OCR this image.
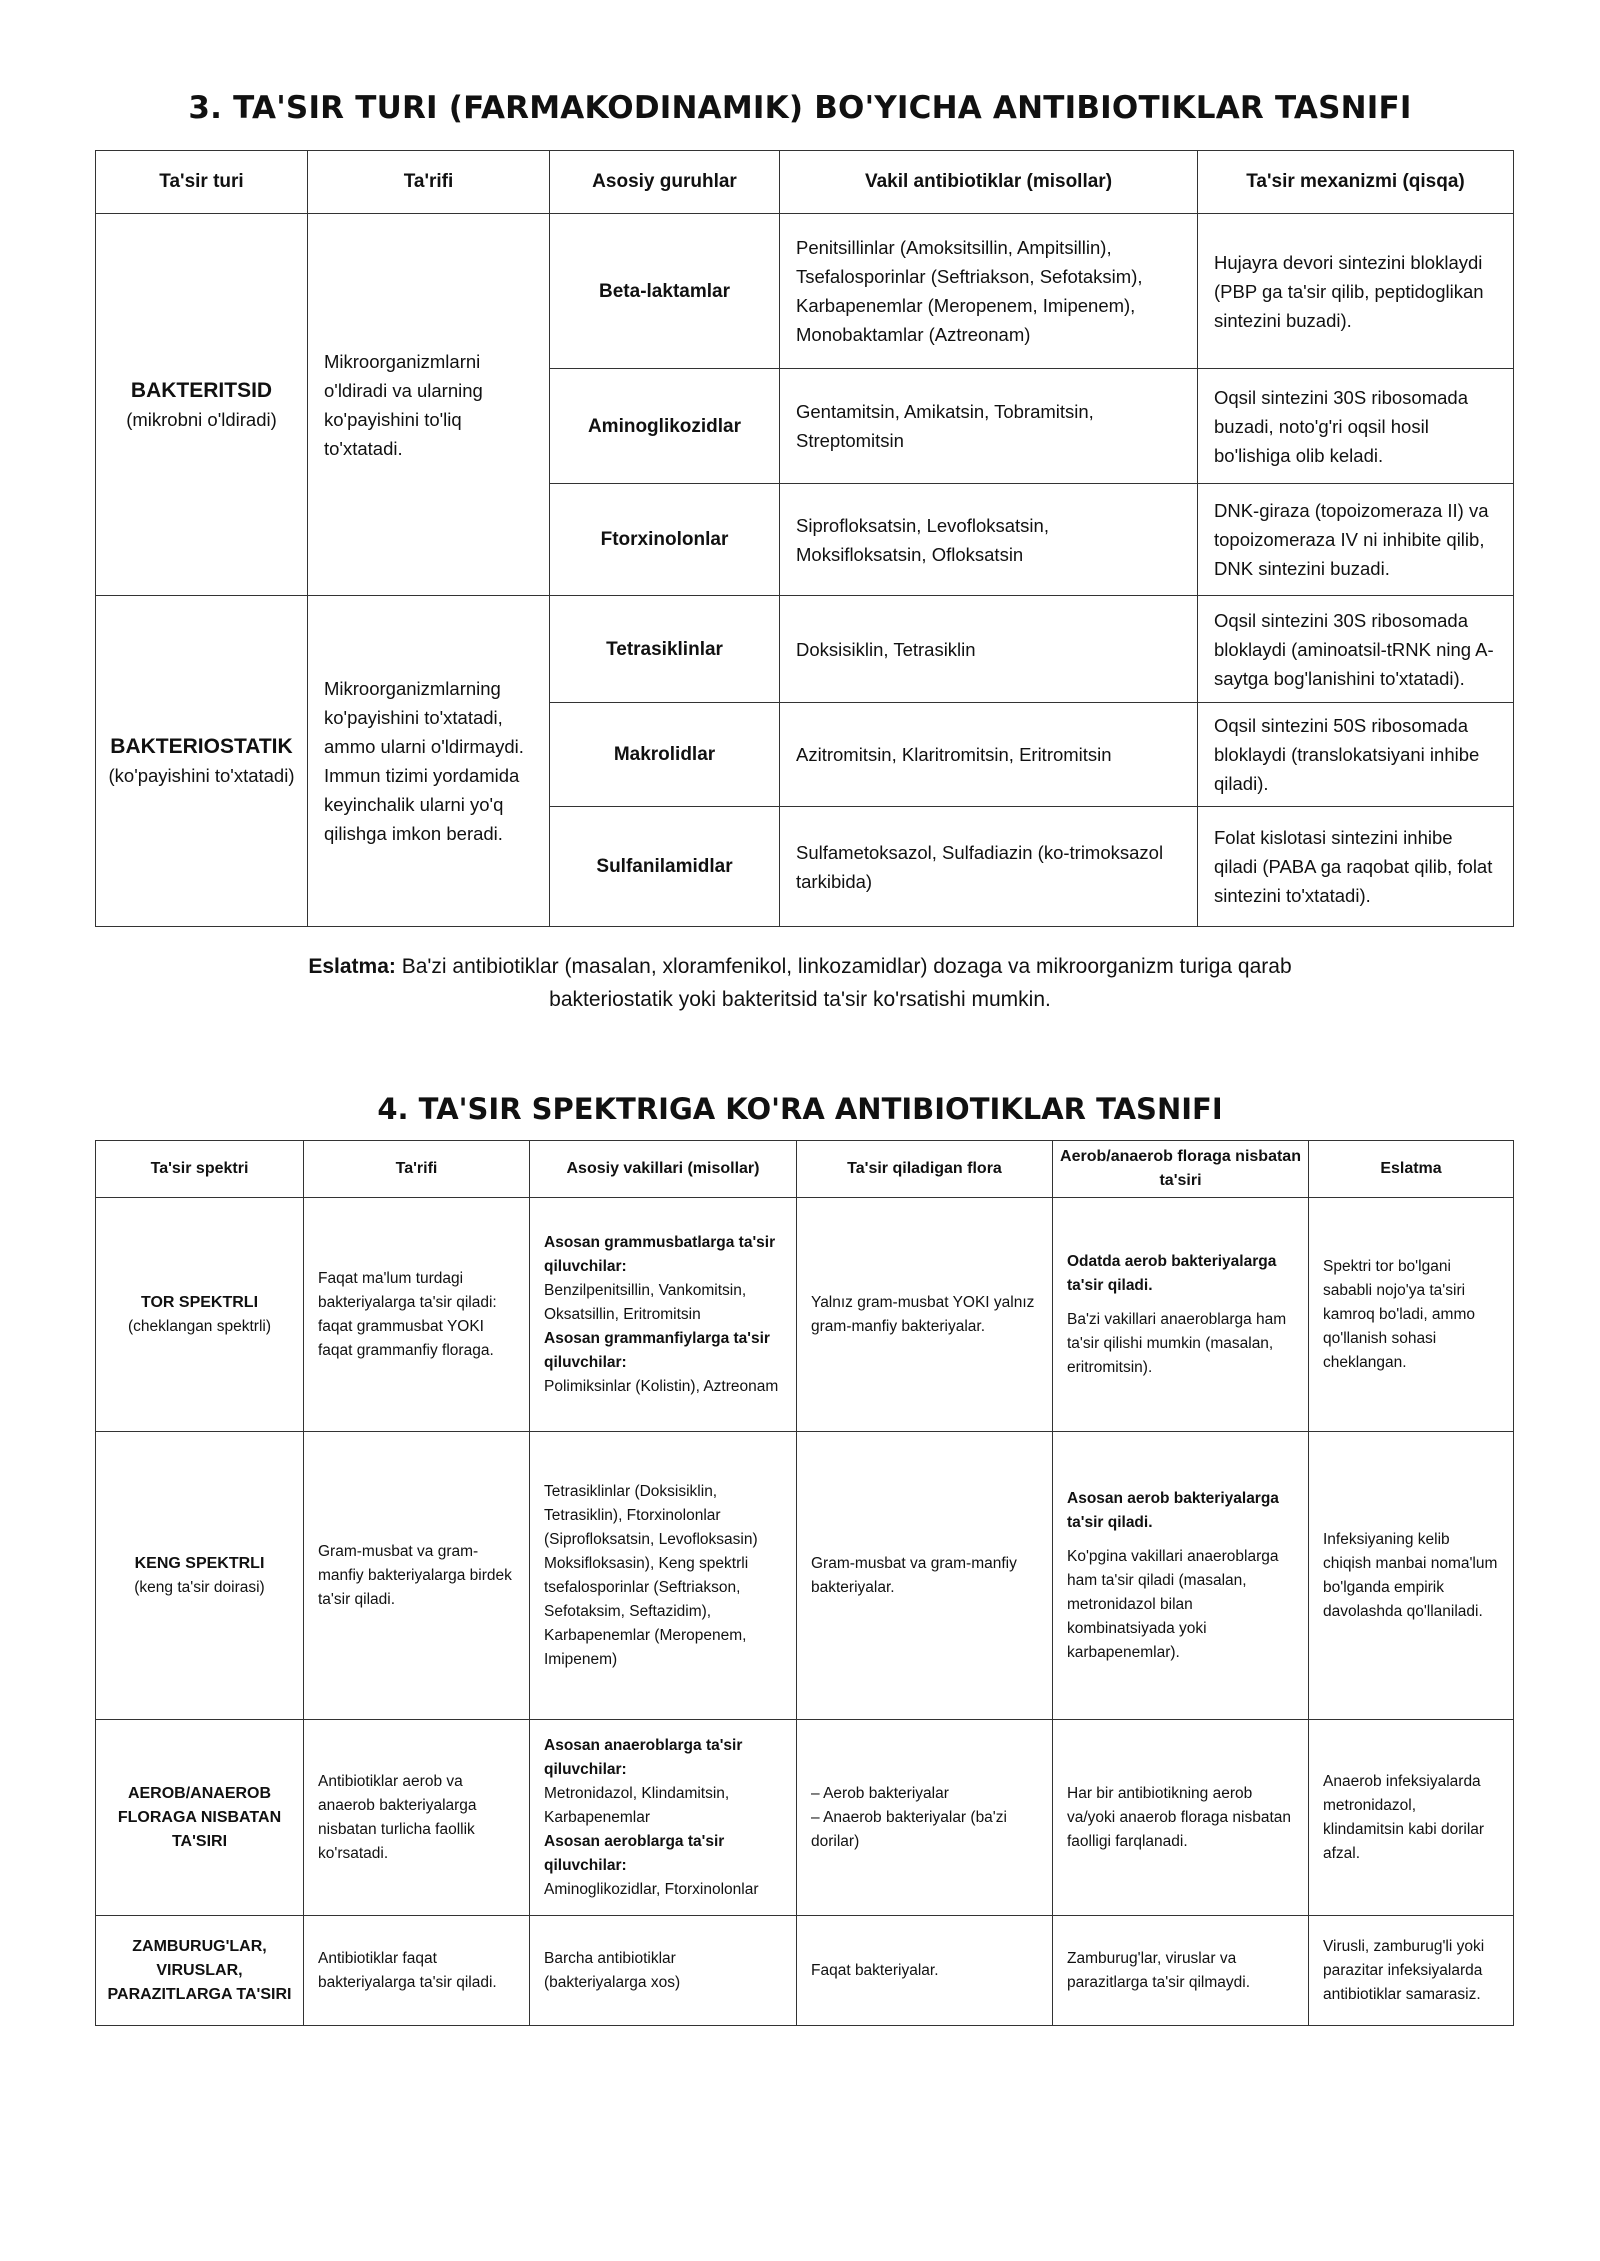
3. TA'SIR TURI (FARMAKODINAMIK) BO'YICHA ANTIBIOTIKLAR TASNIFI
Ta'sir turi	Ta'rifi	Asosiy guruhlar	Vakil antibiotiklar (misollar)	Ta'sir mexanizmi (qisqa)

BAKTERITSID
(mikrobni o'ldiradi)	Mikroorganizmlarni o'ldiradi va ularning ko'payishini to'liq to'xtatadi.	Beta-laktamlar	Penitsillinlar (Amoksitsillin, Ampitsillin), Tsefalosporinlar (Seftriakson, Sefotaksim), Karbapenemlar (Meropenem, Imipenem), Monobaktamlar (Aztreonam)	Hujayra devori sintezini bloklaydi (PBP ga ta'sir qilib, peptidoglikan sintezini buzadi).
		Aminoglikozidlar	Gentamitsin, Amikatsin, Tobramitsin, Streptomitsin	Oqsil sintezini 30S ribosomada buzadi, noto'g'ri oqsil hosil bo'lishiga olib keladi.
		Ftorxinolonlar	Siprofloksatsin, Levofloksatsin, Moksifloksatsin, Ofloksatsin	DNK-giraza (topoizomeraza II) va topoizomeraza IV ni inhibite qilib, DNK sintezini buzadi.

BAKTERIOSTATIK
(ko'payishini to'xtatadi)	Mikroorganizmlarning ko'payishini to'xtatadi, ammo ularni o'ldirmaydi. Immun tizimi yordamida keyinchalik ularni yo'q qilishga imkon beradi.	Tetrasiklinlar	Doksisiklin, Tetrasiklin	Oqsil sintezini 30S ribosomada bloklaydi (aminoatsil-tRNK ning A-saytga bog'lanishini to'xtatadi).
		Makrolidlar	Azitromitsin, Klaritromitsin, Eritromitsin	Oqsil sintezini 50S ribosomada bloklaydi (translokatsiyani inhibe qiladi).
		Sulfanilamidlar	Sulfametoksazol, Sulfadiazin (ko-trimoksazol tarkibida)	Folat kislotasi sintezini inhibe qiladi (PABA ga raqobat qilib, folat sintezini to'xtatadi).
Eslatma: Ba'zi antibiotiklar (masalan, xloramfenikol, linkozamidlar) dozaga va mikroorganizm turiga qarab
bakteriostatik yoki bakteritsid ta'sir ko'rsatishi mumkin.
4. TA'SIR SPEKTRIGA KO'RA ANTIBIOTIKLAR TASNIFI
Ta'sir spektri	Ta'rifi	Asosiy vakillari (misollar)	Ta'sir qiladigan flora	Aerob/anaerob floraga nisbatan ta'siri	Eslatma

TOR SPEKTRLI
(cheklangan spektrli)	Faqat ma'lum turdagi bakteriyalarga ta'sir qiladi: faqat grammusbat YOKI faqat grammanfiy floraga.	Asosan grammusbatlarga ta'sir qiluvchilar:
Benzilpenitsillin, Vankomitsin, Oksatsillin, Eritromitsin
Asosan grammanfiylarga ta'sir qiluvchilar:
Polimiksinlar (Kolistin), Aztreonam	Yalnız gram-musbat YOKI yalnız gram-manfiy bakteriyalar.	Odatda aerob bakteriyalarga ta'sir qiladi.
Ba'zi vakillari anaeroblarga ham ta'sir qilishi mumkin (masalan, eritromitsin).	Spektri tor bo'lgani sababli nojo'ya ta'siri kamroq bo'ladi, ammo qo'llanish sohasi cheklangan.

KENG SPEKTRLI
(keng ta'sir doirasi)	Gram-musbat va gram-manfiy bakteriyalarga birdek ta'sir qiladi.	Tetrasiklinlar (Doksisiklin, Tetrasiklin), Ftorxinolonlar (Siprofloksatsin, Levofloksasin) Moksifloksasin), Keng spektrli tsefalosporinlar (Seftriakson, Sefotaksim, Seftazidim), Karbapenemlar (Meropenem, Imipenem)	Gram-musbat va gram-manfiy bakteriyalar.	Asosan aerob bakteriyalarga ta'sir qiladi.
Ko'pgina vakillari anaeroblarga ham ta'sir qiladi (masalan, metronidazol bilan kombinatsiyada yoki karbapenemlar).	Infeksiyaning kelib chiqish manbai noma'lum bo'lganda empirik davolashda qo'llaniladi.

AEROB/ANAEROB FLORAGA NISBATAN TA'SIRI	Antibiotiklar aerob va anaerob bakteriyalarga nisbatan turlicha faollik ko'rsatadi.	Asosan anaeroblarga ta'sir qiluvchilar:
Metronidazol, Klindamitsin, Karbapenemlar
Asosan aeroblarga ta'sir qiluvchilar:
Aminoglikozidlar, Ftorxinolonlar	– Aerob bakteriyalar
– Anaerob bakteriyalar (ba'zi dorilar)	Har bir antibiotikning aerob va/yoki anaerob floraga nisbatan faolligi farqlanadi.	Anaerob infeksiyalarda metronidazol, klindamitsin kabi dorilar afzal.

ZAMBURUG'LAR, VIRUSLAR, PARAZITLARGA TA'SIRI	Antibiotiklar faqat bakteriyalarga ta'sir qiladi.	Barcha antibiotiklar (bakteriyalarga xos)	Faqat bakteriyalar.	Zamburug'lar, viruslar va parazitlarga ta'sir qilmaydi.	Virusli, zamburug'li yoki parazitar infeksiyalarda antibiotiklar samarasiz.
